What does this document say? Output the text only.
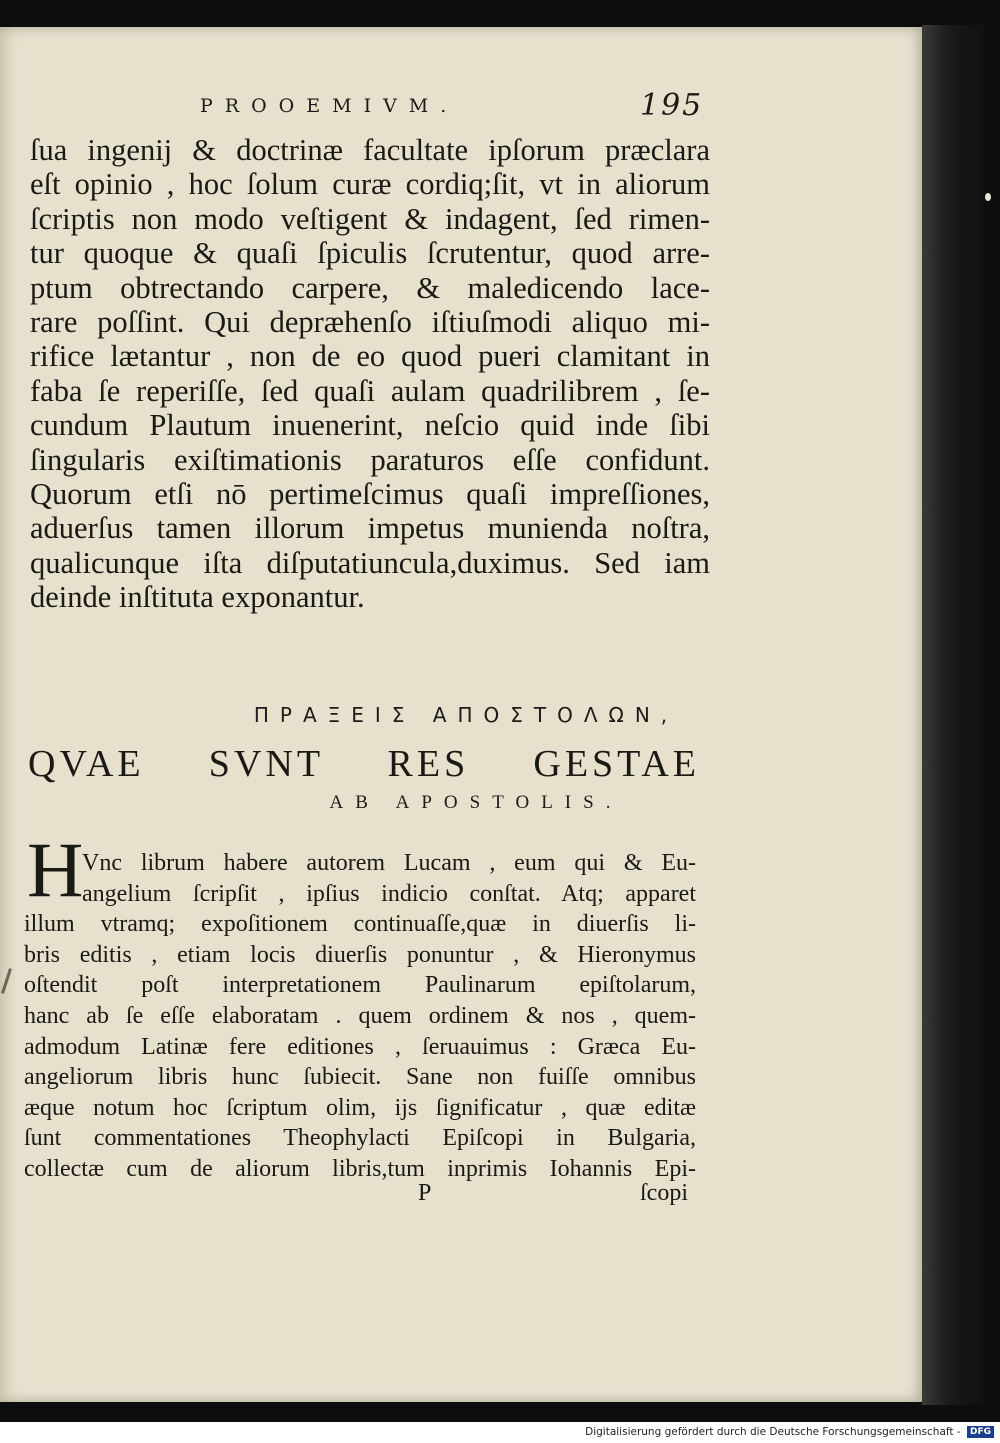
PROOEMIVM.	195
ſua ingenij & doctrinæ facultate ipſorum præclara
eſt opinio , hoc ſolum curæ cordiq;ſit, vt in aliorum
ſcriptis non modo veſtigent & indagent, ſed rimen-
tur quoque & quaſi ſpiculis ſcrutentur, quod arre-
ptum obtrectando carpere, & maledicendo lace-
rare poſſint. Qui depræhenſo iſtiuſmodi aliquo mi-
rifice lætantur , non de eo quod pueri clamitant in
faba ſe reperiſſe, ſed quaſi aulam quadrilibrem , ſe-
cundum Plautum inuenerint, neſcio quid inde ſibi
ſingularis exiſtimationis paraturos eſſe confidunt.
Quorum etſi nō pertimeſcimus quaſi impreſſiones,
aduerſus tamen illorum impetus munienda noſtra,
qualicunque iſta diſputatiuncula,duximus. Sed iam
deinde inſtituta exponantur.
ΠΡΑΞΕΙΣ ΑΠΟΣΤΟΛΩΝ,
QVAE SVNT RES GESTAE
AB APOSTOLIS.
H
Vnc librum habere autorem Lucam , eum qui & Eu-
angelium ſcripſit , ipſius indicio conſtat. Atq; apparet
illum vtramq; expoſitionem continuaſſe,quæ in diuerſis li-
bris editis , etiam locis diuerſis ponuntur , & Hieronymus
oſtendit poſt interpretationem Paulinarum epiſtolarum,
hanc ab ſe eſſe elaboratam . quem ordinem & nos , quem-
admodum Latinæ fere editiones , ſeruauimus : Græca Eu-
angeliorum libris hunc ſubiecit. Sane non fuiſſe omnibus
æque notum hoc ſcriptum olim, ijs ſignificatur , quæ editæ
ſunt commentationes Theophylacti Epiſcopi in Bulgaria,
collectæ cum de aliorum libris,tum inprimis Iohannis Epi-
P	ſcopi
Digitalisierung gefördert durch die Deutsche Forschungsgemeinschaft - DFG
